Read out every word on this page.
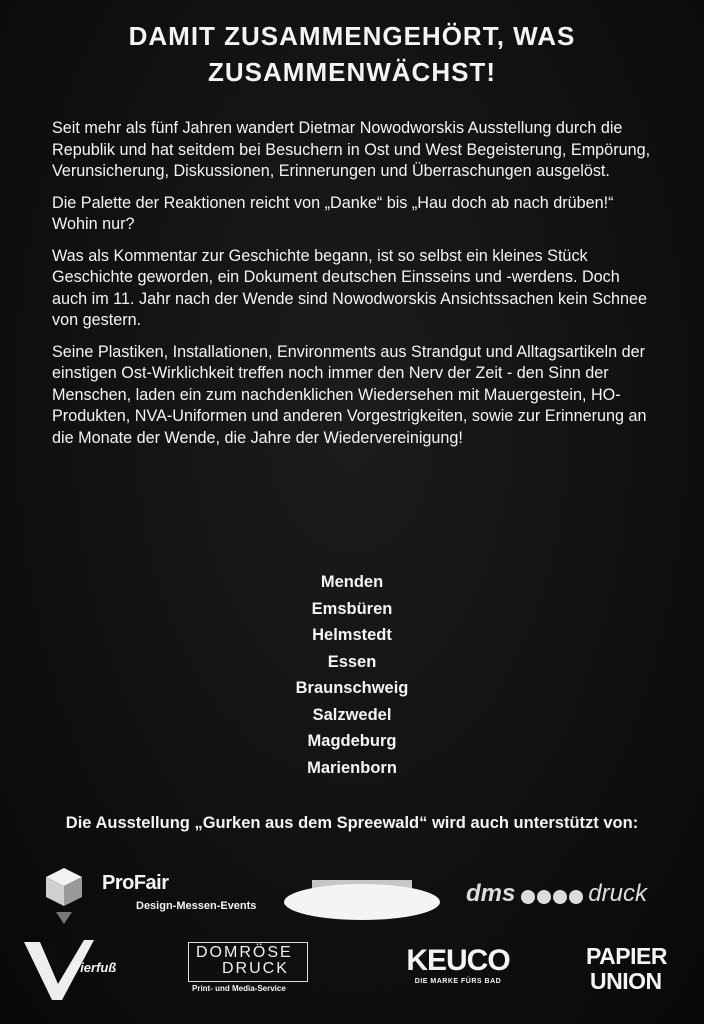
DAMIT ZUSAMMENGEHÖRT, WAS
ZUSAMMENWÄCHST!

Seit mehr als fünf Jahren wandert Dietmar Nowodworskis Ausstellung durch die Republik und hat seitdem bei Besuchern in Ost und West Begeisterung, Empörung, Verunsicherung, Diskussionen, Erinnerungen und Überraschungen ausgelöst.

Die Palette der Reaktionen reicht von „Danke“ bis „Hau doch ab nach drüben!“ Wohin nur?

Was als Kommentar zur Geschichte begann, ist so selbst ein kleines Stück Geschichte geworden, ein Dokument deutschen Einsseins und -werdens. Doch auch im 11. Jahr nach der Wende sind Nowodworskis Ansichtssachen kein Schnee von gestern.

Seine Plastiken, Installationen, Environments aus Strandgut und Alltagsartikeln der einstigen Ost-Wirklichkeit treffen noch immer den Nerv der Zeit - den Sinn der Menschen, laden ein zum nachdenklichen Wiedersehen mit Mauergestein, HO-Produkten, NVA-Uniformen und anderen Vorgestrigkeiten, sowie zur Erinnerung an die Monate der Wende, die Jahre der Wiedervereinigung!

Menden
Emsbüren
Helmstedt
Essen
Braunschweig
Salzwedel
Magdeburg
Marienborn
Die Ausstellung „Gurken aus dem Spreewald“ wird auch unterstützt von:
ProFair
Design-Messen-Events	dms	druck
Vierfuß
DOMRÖSE
DRUCK
Print- und Media-Service
KEUCO
DIE MARKE FÜRS BAD
PAPIER
UNION
